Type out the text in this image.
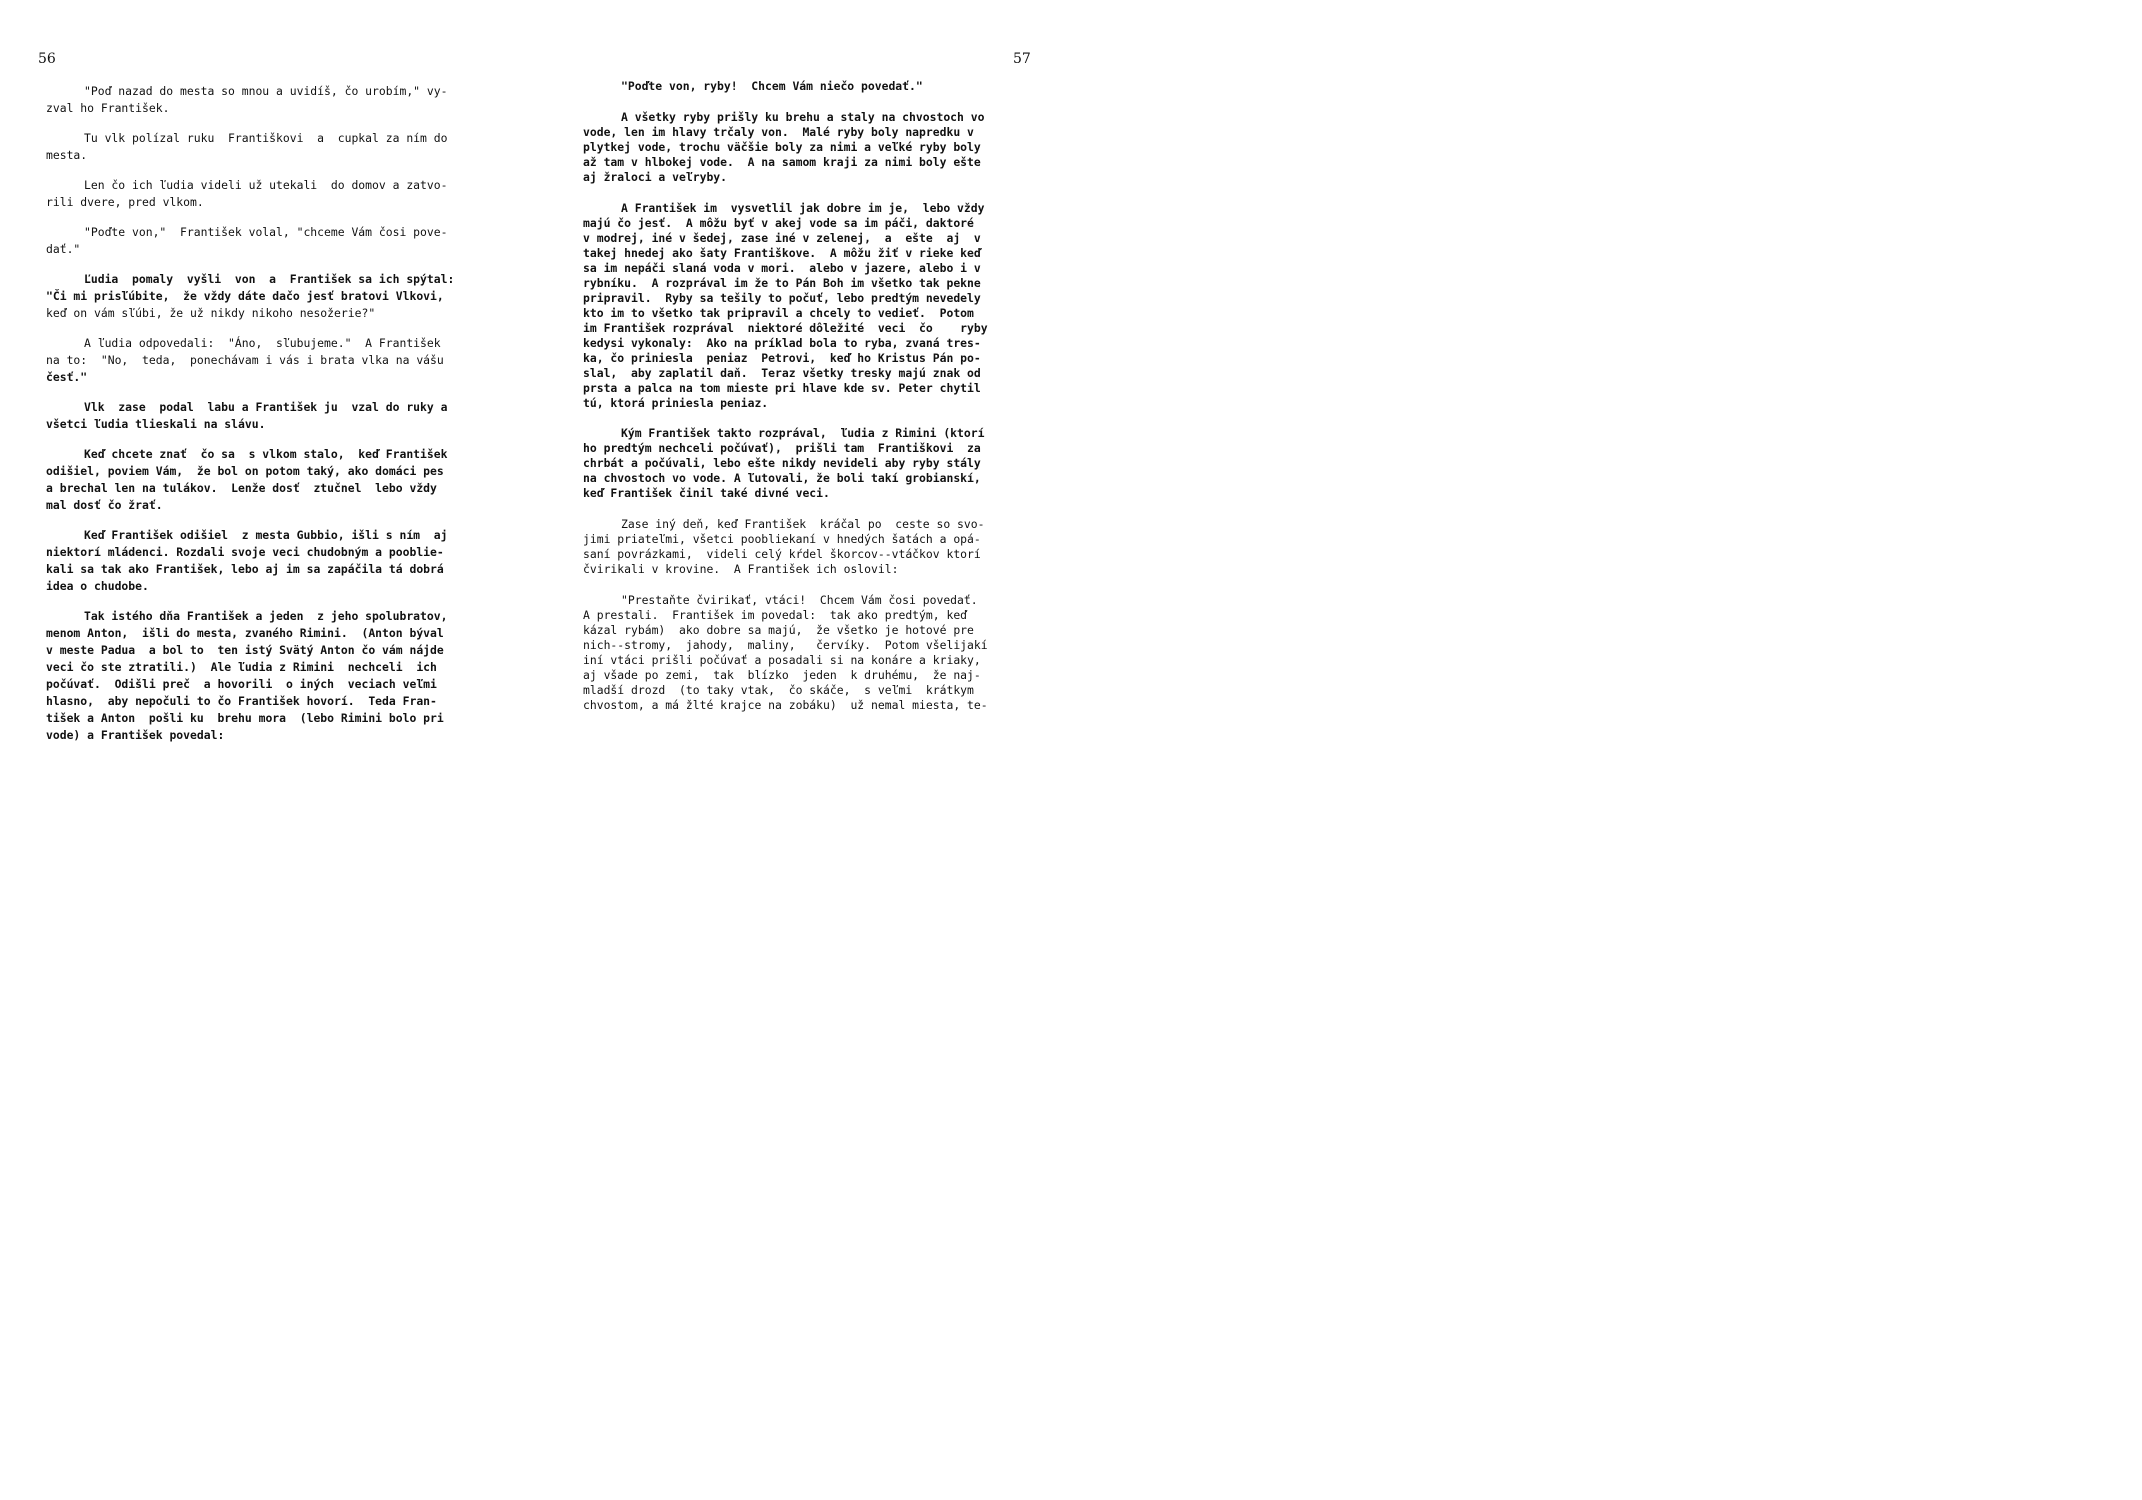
56
"Poď nazad do mesta so mnou a uvidíš, čo urobím," vy-
zval ho František.
Tu vlk polízal ruku  Františkovi  a  cupkal za ním do
mesta.
Len čo ich ľudia videli už utekali  do domov a zatvo-
rili dvere, pred vlkom.
"Poďte von,"  František volal, "chceme Vám čosi pove-
dať."
Ľudia  pomaly  vyšli  von  a  František sa ich spýtal:
"Či mi prisľúbite,  že vždy dáte dačo jesť bratovi Vlkovi,
keď on vám sľúbi, že už nikdy nikoho nesožerie?"
A ľudia odpovedali:  "Áno,  sľubujeme."  A František
na to:  "No,  teda,  ponechávam i vás i brata vlka na vášu
česť."
Vlk  zase  podal  labu a František ju  vzal do ruky a
všetci ľudia tlieskali na slávu.
Keď chcete znať  čo sa  s vlkom stalo,  keď František
odišiel, poviem Vám,  že bol on potom taký, ako domáci pes
a brechal len na tulákov.  Lenže dosť  ztučnel  lebo vždy
mal dosť čo žrať.
Keď František odišiel  z mesta Gubbio, išli s ním  aj
niektorí mládenci. Rozdali svoje veci chudobným a pooblie-
kali sa tak ako František, lebo aj im sa zapáčila tá dobrá
idea o chudobe.
Tak istého dňa František a jeden  z jeho spolubratov,
menom Anton,  išli do mesta, zvaného Rimini.  (Anton býval
v meste Padua  a bol to  ten istý Svätý Anton čo vám nájde
veci čo ste ztratili.)  Ale ľudia z Rimini  nechceli  ich
počúvať.  Odišli preč  a hovorili  o iných  veciach veľmi
hlasno,  aby nepočuli to čo František hovorí.  Teda Fran-
tišek a Anton  pošli ku  brehu mora  (lebo Rimini bolo pri
vode) a František povedal:
57
"Poďte von, ryby!  Chcem Vám niečo povedať."
A všetky ryby prišly ku brehu a staly na chvostoch vo
vode, len im hlavy trčaly von.  Malé ryby boly napredku v
plytkej vode, trochu väčšie boly za nimi a veľké ryby boly
až tam v hlbokej vode.  A na samom kraji za nimi boly ešte
aj žraloci a veľryby.
A František im  vysvetlil jak dobre im je,  lebo vždy
majú čo jesť.  A môžu byť v akej vode sa im páči, daktoré
v modrej, iné v šedej, zase iné v zelenej,  a  ešte  aj  v
takej hnedej ako šaty Františkove.  A môžu žiť v rieke keď
sa im nepáči slaná voda v mori.  alebo v jazere, alebo i v
rybníku.  A rozprával im že to Pán Boh im všetko tak pekne
pripravil.  Ryby sa tešily to počuť, lebo predtým nevedely
kto im to všetko tak pripravil a chcely to vedieť.  Potom
im František rozprával  niektoré dôležité  veci  čo    ryby
kedysi vykonaly:  Ako na príklad bola to ryba, zvaná tres-
ka, čo priniesla  peniaz  Petrovi,  keď ho Kristus Pán po-
slal,  aby zaplatil daň.  Teraz všetky tresky majú znak od
prsta a palca na tom mieste pri hlave kde sv. Peter chytil
tú, ktorá priniesla peniaz.
Kým František takto rozprával,  ľudia z Rimini (ktorí
ho predtým nechceli počúvať),  prišli tam  Františkovi  za
chrbát a počúvali, lebo ešte nikdy nevideli aby ryby stály
na chvostoch vo vode. A ľutovali, že boli takí grobianskí,
keď František činil také divné veci.
Zase iný deň, keď František  kráčal po  ceste so svo-
jimi priateľmi, všetci poobliekaní v hnedých šatách a opá-
saní povrázkami,  videli celý kŕdel škorcov--vtáčkov ktorí
čvirikali v krovine.  A František ich oslovil:
"Prestaňte čvirikať, vtáci!  Chcem Vám čosi povedať.
A prestali.  František im povedal:  tak ako predtým, keď
kázal rybám)  ako dobre sa majú,  že všetko je hotové pre
nich--stromy,  jahody,  maliny,   červíky.  Potom všelijakí
iní vtáci prišli počúvať a posadali si na konáre a kriaky,
aj všade po zemi,  tak  blízko  jeden  k druhému,  že naj-
mladší drozd  (to taky vtak,  čo skáče,  s veľmi  krátkym
chvostom, a má žlté krajce na zobáku)  už nemal miesta, te-
